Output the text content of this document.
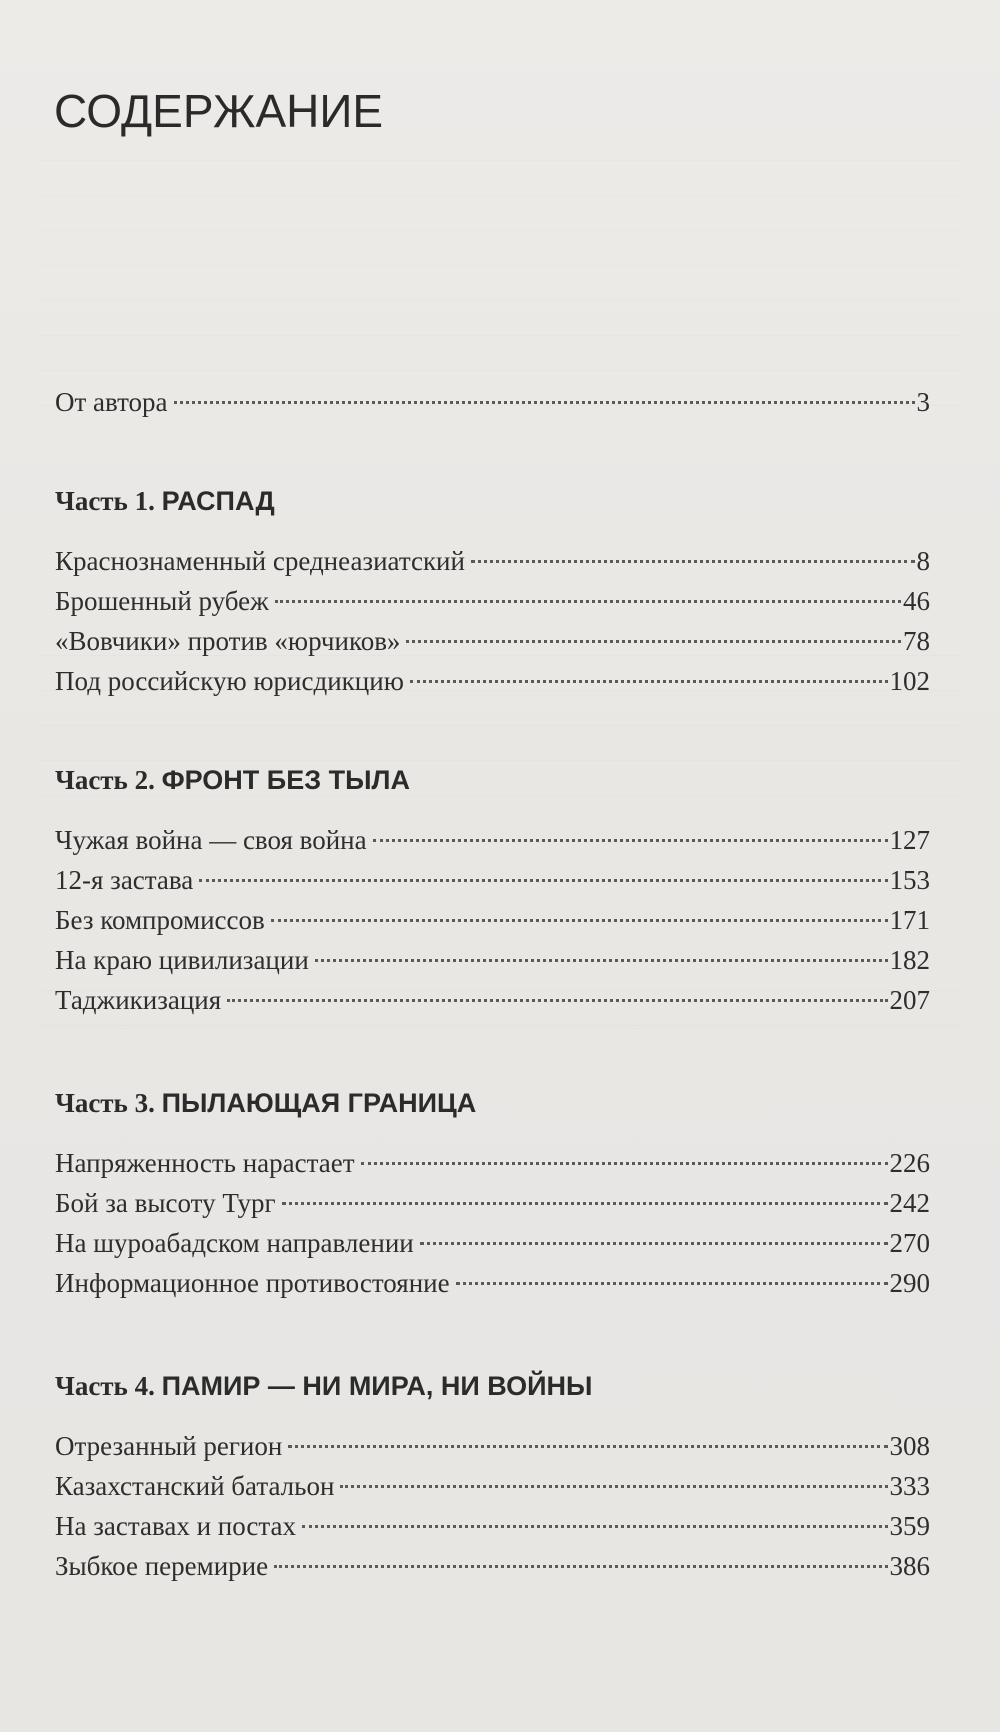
СОДЕРЖАНИЕ
От автора	3
Часть 1. РАСПАД
Краснознаменный среднеазиатский	8
Брошенный рубеж	46
«Вовчики» против «юрчиков»	78
Под российскую юрисдикцию	102
Часть 2. ФРОНТ БЕЗ ТЫЛА
Чужая война — своя война	127
12-я застава	153
Без компромиссов	171
На краю цивилизации	182
Таджикизация	207
Часть 3. ПЫЛАЮЩАЯ ГРАНИЦА
Напряженность нарастает	226
Бой за высоту Тург	242
На шуроабадском направлении	270
Информационное противостояние	290
Часть 4. ПАМИР — НИ МИРА, НИ ВОЙНЫ
Отрезанный регион	308
Казахстанский батальон	333
На заставах и постах	359
Зыбкое перемирие	386
